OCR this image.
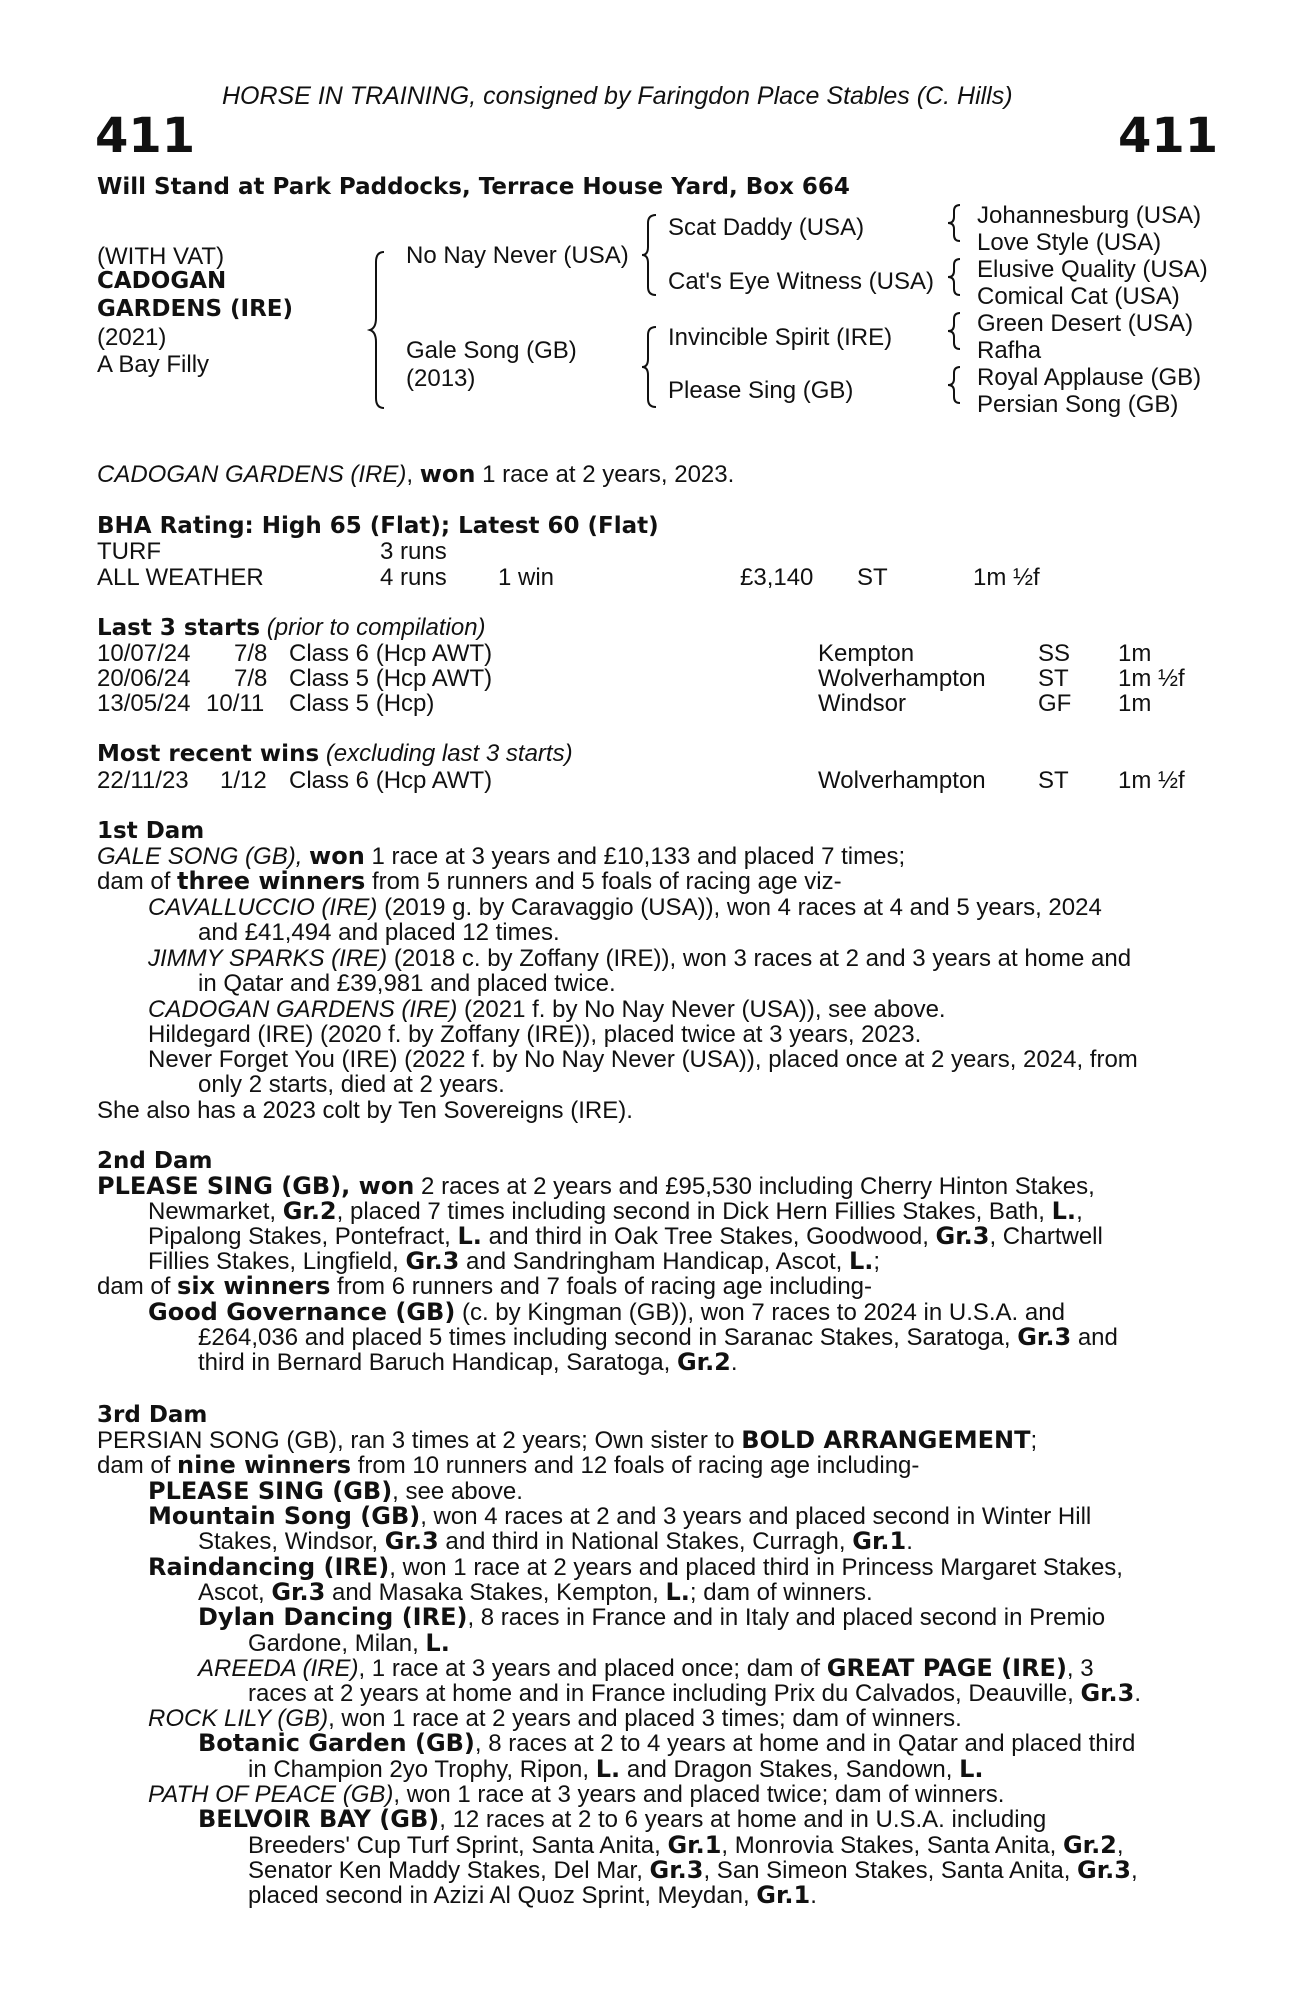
HORSE IN TRAINING, consigned by Faringdon Place Stables (C. Hills)
411	411
Will Stand at Park Paddocks, Terrace House Yard, Box 664
(WITH VAT)
CADOGAN
GARDENS (IRE)
(2021)
A Bay Filly
No Nay Never (USA)
Gale Song (GB)
(2013)
Scat Daddy (USA)
Cat's Eye Witness (USA)
Invincible Spirit (IRE)
Please Sing (GB)
Johannesburg (USA)
Love Style (USA)
Elusive Quality (USA)
Comical Cat (USA)
Green Desert (USA)
Rafha
Royal Applause (GB)
Persian Song (GB)
CADOGAN GARDENS (IRE), won 1 race at 2 years, 2023.
BHA Rating: High 65 (Flat); Latest 60 (Flat)
TURF	3 runs
ALL WEATHER	4 runs 1 win	£3,140 ST	1m ½f
Last 3 starts (prior to compilation)
10/07/24 7/8 Class 6 (Hcp AWT)	Kempton	SS 1m
20/06/24 7/8 Class 5 (Hcp AWT)	Wolverhampton ST 1m ½f
13/05/24 10/11 Class 5 (Hcp)	Windsor	GF 1m
Most recent wins (excluding last 3 starts)
22/11/23 1/12 Class 6 (Hcp AWT)	Wolverhampton ST 1m ½f
1st Dam
GALE SONG (GB), won 1 race at 3 years and £10,133 and placed 7 times;
dam of three winners from 5 runners and 5 foals of racing age viz-
CAVALLUCCIO (IRE) (2019 g. by Caravaggio (USA)), won 4 races at 4 and 5 years, 2024
and £41,494 and placed 12 times.
JIMMY SPARKS (IRE) (2018 c. by Zoffany (IRE)), won 3 races at 2 and 3 years at home and
in Qatar and £39,981 and placed twice.
CADOGAN GARDENS (IRE) (2021 f. by No Nay Never (USA)), see above.
Hildegard (IRE) (2020 f. by Zoffany (IRE)), placed twice at 3 years, 2023.
Never Forget You (IRE) (2022 f. by No Nay Never (USA)), placed once at 2 years, 2024, from
only 2 starts, died at 2 years.
She also has a 2023 colt by Ten Sovereigns (IRE).
2nd Dam
PLEASE SING (GB), won 2 races at 2 years and £95,530 including Cherry Hinton Stakes,
Newmarket, Gr.2, placed 7 times including second in Dick Hern Fillies Stakes, Bath, L.,
Pipalong Stakes, Pontefract, L. and third in Oak Tree Stakes, Goodwood, Gr.3, Chartwell
Fillies Stakes, Lingfield, Gr.3 and Sandringham Handicap, Ascot, L.;
dam of six winners from 6 runners and 7 foals of racing age including-
Good Governance (GB) (c. by Kingman (GB)), won 7 races to 2024 in U.S.A. and
£264,036 and placed 5 times including second in Saranac Stakes, Saratoga, Gr.3 and
third in Bernard Baruch Handicap, Saratoga, Gr.2.
3rd Dam
PERSIAN SONG (GB), ran 3 times at 2 years; Own sister to BOLD ARRANGEMENT;
dam of nine winners from 10 runners and 12 foals of racing age including-
PLEASE SING (GB), see above.
Mountain Song (GB), won 4 races at 2 and 3 years and placed second in Winter Hill
Stakes, Windsor, Gr.3 and third in National Stakes, Curragh, Gr.1.
Raindancing (IRE), won 1 race at 2 years and placed third in Princess Margaret Stakes,
Ascot, Gr.3 and Masaka Stakes, Kempton, L.; dam of winners.
Dylan Dancing (IRE), 8 races in France and in Italy and placed second in Premio
Gardone, Milan, L.
AREEDA (IRE), 1 race at 3 years and placed once; dam of GREAT PAGE (IRE), 3
races at 2 years at home and in France including Prix du Calvados, Deauville, Gr.3.
ROCK LILY (GB), won 1 race at 2 years and placed 3 times; dam of winners.
Botanic Garden (GB), 8 races at 2 to 4 years at home and in Qatar and placed third
in Champion 2yo Trophy, Ripon, L. and Dragon Stakes, Sandown, L.
PATH OF PEACE (GB), won 1 race at 3 years and placed twice; dam of winners.
BELVOIR BAY (GB), 12 races at 2 to 6 years at home and in U.S.A. including
Breeders' Cup Turf Sprint, Santa Anita, Gr.1, Monrovia Stakes, Santa Anita, Gr.2,
Senator Ken Maddy Stakes, Del Mar, Gr.3, San Simeon Stakes, Santa Anita, Gr.3,
placed second in Azizi Al Quoz Sprint, Meydan, Gr.1.
